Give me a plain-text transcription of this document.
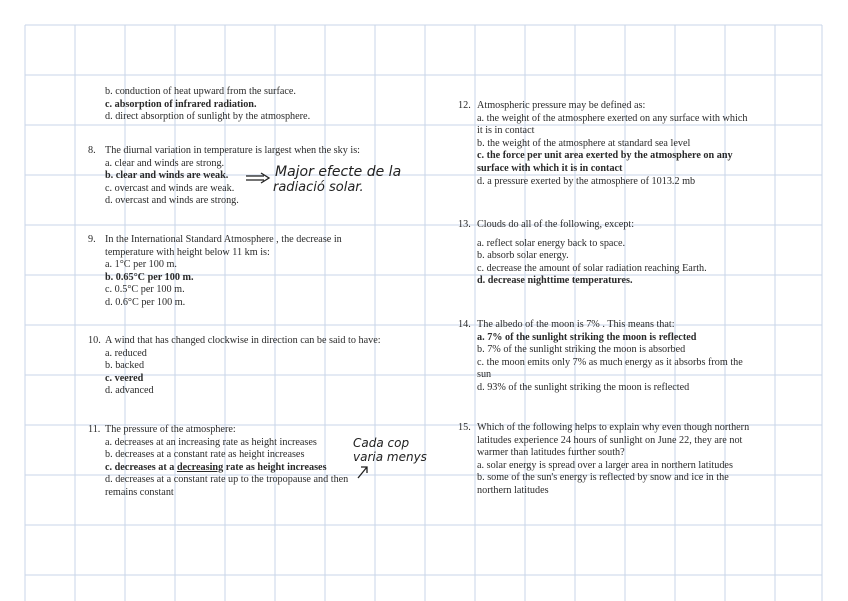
b. conduction of heat upward from the surface.
c. absorption of infrared radiation.
d. direct absorption of sunlight by the atmosphere.
8. The diurnal variation in temperature is largest when the sky is:
a. clear and winds are strong.
b. clear and winds are weak.
c. overcast and winds are weak.
d. overcast and winds are strong.
9. In the International Standard Atmosphere , the decrease in
temperature with height below 11 km is:
a. 1°C per 100 m.
b. 0.65°C per 100 m.
c. 0.5°C per 100 m.
d. 0.6°C per 100 m.
10. A wind that has changed clockwise in direction can be said to have:
a. reduced
b. backed
c. veered
d. advanced
11. The pressure of the atmosphere:
a. decreases at an increasing rate as height increases
b. decreases at a constant rate as height increases
c. decreases at a decreasing rate as height increases
d. decreases at a constant rate up to the tropopause and then
remains constant
12. Atmospheric pressure may be defined as:
a. the weight of the atmosphere exerted on any surface with which
it is in contact
b. the weight of the atmosphere at standard sea level
c. the force per unit area exerted by the atmosphere on any
surface with which it is in contact
d. a pressure exerted by the atmosphere of 1013.2 mb
13. Clouds do all of the following, except:
a. reflect solar energy back to space.
b. absorb solar energy.
c. decrease the amount of solar radiation reaching Earth.
d. decrease nighttime temperatures.
14. The albedo of the moon is 7% . This means that:
a. 7% of the sunlight striking the moon is reflected
b. 7% of the sunlight striking the moon is absorbed
c. the moon emits only 7% as much energy as it absorbs from the
sun
d. 93% of the sunlight striking the moon is reflected
15. Which of the following helps to explain why even though northern
latitudes experience 24 hours of sunlight on June 22, they are not
warmer than latitudes further south?
a. solar energy is spread over a larger area in northern latitudes
b. some of the sun's energy is reflected by snow and ice in the
northern latitudes
Major efecte de la
radiació solar.
Cada cop
varia menys
